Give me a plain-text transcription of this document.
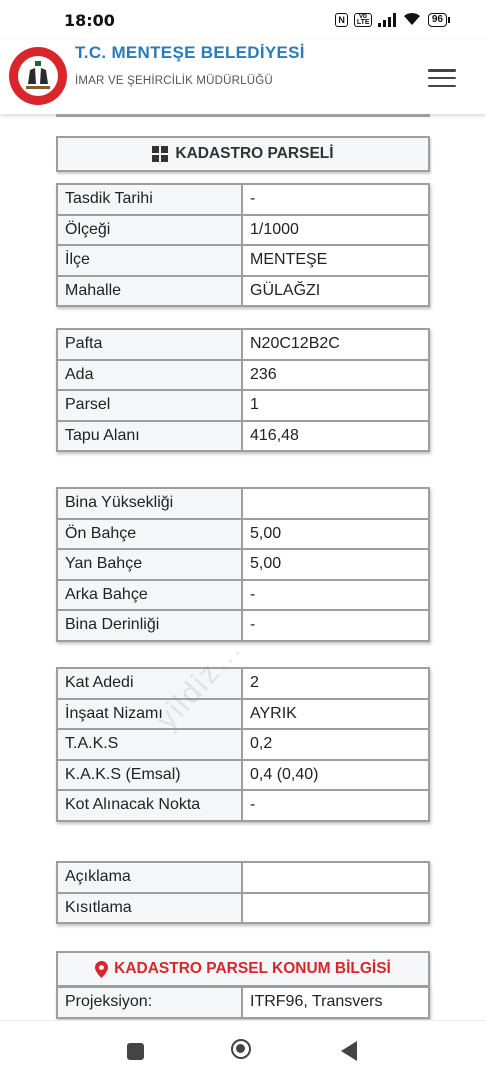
18:00	N	Vo LTE	96
T.C. MENTEŞE BELEDİYESİ
İMAR VE ŞEHİRCİLİK MÜDÜRLÜĞÜ
KADASTRO PARSELİ
Tasdik Tarihi	-
Ölçeği	1/1000
İlçe	MENTEŞE
Mahalle	GÜLAĞZI
Pafta	N20C12B2C
Ada	236
Parsel	1
Tapu Alanı	416,48
Bina Yüksekliği	
Ön Bahçe	5,00
Yan Bahçe	5,00
Arka Bahçe	-
Bina Derinliği	-
Kat Adedi	2
İnşaat Nizamı	AYRIK
T.A.K.S	0,2
K.A.K.S (Emsal)	0,4 (0,40)
Kot Alınacak Nokta	-
Açıklama	
Kısıtlama	
KADASTRO PARSEL KONUM BİLGİSİ
Projeksiyon:	ITRF96, Transvers
